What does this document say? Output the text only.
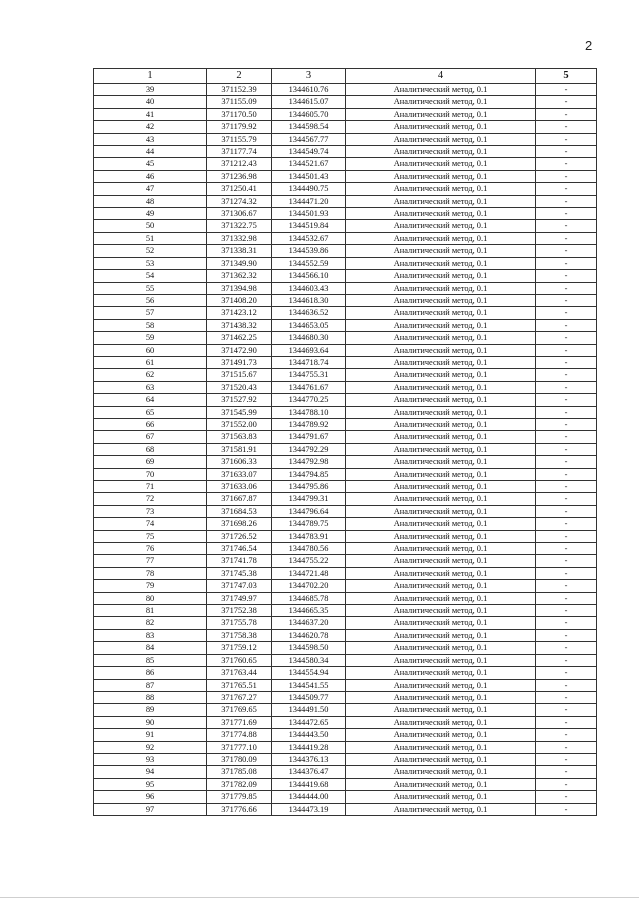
2
1	2	3	4	5
39	371152.39	1344610.76	Аналитический метод, 0.1	-
40	371155.09	1344615.07	Аналитический метод, 0.1	-
41	371170.50	1344605.70	Аналитический метод, 0.1	-
42	371179.92	1344598.54	Аналитический метод, 0.1	-
43	371155.79	1344567.77	Аналитический метод, 0.1	-
44	371177.74	1344549.74	Аналитический метод, 0.1	-
45	371212.43	1344521.67	Аналитический метод, 0.1	-
46	371236.98	1344501.43	Аналитический метод, 0.1	-
47	371250.41	1344490.75	Аналитический метод, 0.1	-
48	371274.32	1344471.20	Аналитический метод, 0.1	-
49	371306.67	1344501.93	Аналитический метод, 0.1	-
50	371322.75	1344519.84	Аналитический метод, 0.1	-
51	371332.98	1344532.67	Аналитический метод, 0.1	-
52	371338.31	1344539.86	Аналитический метод, 0.1	-
53	371349.90	1344552.59	Аналитический метод, 0.1	-
54	371362.32	1344566.10	Аналитический метод, 0.1	-
55	371394.98	1344603.43	Аналитический метод, 0.1	-
56	371408.20	1344618.30	Аналитический метод, 0.1	-
57	371423.12	1344636.52	Аналитический метод, 0.1	-
58	371438.32	1344653.05	Аналитический метод, 0.1	-
59	371462.25	1344680.30	Аналитический метод, 0.1	-
60	371472.90	1344693.64	Аналитический метод, 0.1	-
61	371491.73	1344718.74	Аналитический метод, 0.1	-
62	371515.67	1344755.31	Аналитический метод, 0.1	-
63	371520.43	1344761.67	Аналитический метод, 0.1	-
64	371527.92	1344770.25	Аналитический метод, 0.1	-
65	371545.99	1344788.10	Аналитический метод, 0.1	-
66	371552.00	1344789.92	Аналитический метод, 0.1	-
67	371563.83	1344791.67	Аналитический метод, 0.1	-
68	371581.91	1344792.29	Аналитический метод, 0.1	-
69	371606.33	1344792.98	Аналитический метод, 0.1	-
70	371633.07	1344794.85	Аналитический метод, 0.1	-
71	371633.06	1344795.86	Аналитический метод, 0.1	-
72	371667.87	1344799.31	Аналитический метод, 0.1	-
73	371684.53	1344796.64	Аналитический метод, 0.1	-
74	371698.26	1344789.75	Аналитический метод, 0.1	-
75	371726.52	1344783.91	Аналитический метод, 0.1	-
76	371746.54	1344780.56	Аналитический метод, 0.1	-
77	371741.78	1344755.22	Аналитический метод, 0.1	-
78	371745.38	1344721.48	Аналитический метод, 0.1	-
79	371747.03	1344702.20	Аналитический метод, 0.1	-
80	371749.97	1344685.78	Аналитический метод, 0.1	-
81	371752.38	1344665.35	Аналитический метод, 0.1	-
82	371755.78	1344637.20	Аналитический метод, 0.1	-
83	371758.38	1344620.78	Аналитический метод, 0.1	-
84	371759.12	1344598.50	Аналитический метод, 0.1	-
85	371760.65	1344580.34	Аналитический метод, 0.1	-
86	371763.44	1344554.94	Аналитический метод, 0.1	-
87	371765.51	1344541.55	Аналитический метод, 0.1	-
88	371767.27	1344509.77	Аналитический метод, 0.1	-
89	371769.65	1344491.50	Аналитический метод, 0.1	-
90	371771.69	1344472.65	Аналитический метод, 0.1	-
91	371774.88	1344443.50	Аналитический метод, 0.1	-
92	371777.10	1344419.28	Аналитический метод, 0.1	-
93	371780.09	1344376.13	Аналитический метод, 0.1	-
94	371785.08	1344376.47	Аналитический метод, 0.1	-
95	371782.09	1344419.68	Аналитический метод, 0.1	-
96	371779.85	1344444.00	Аналитический метод, 0.1	-
97	371776.66	1344473.19	Аналитический метод, 0.1	-
